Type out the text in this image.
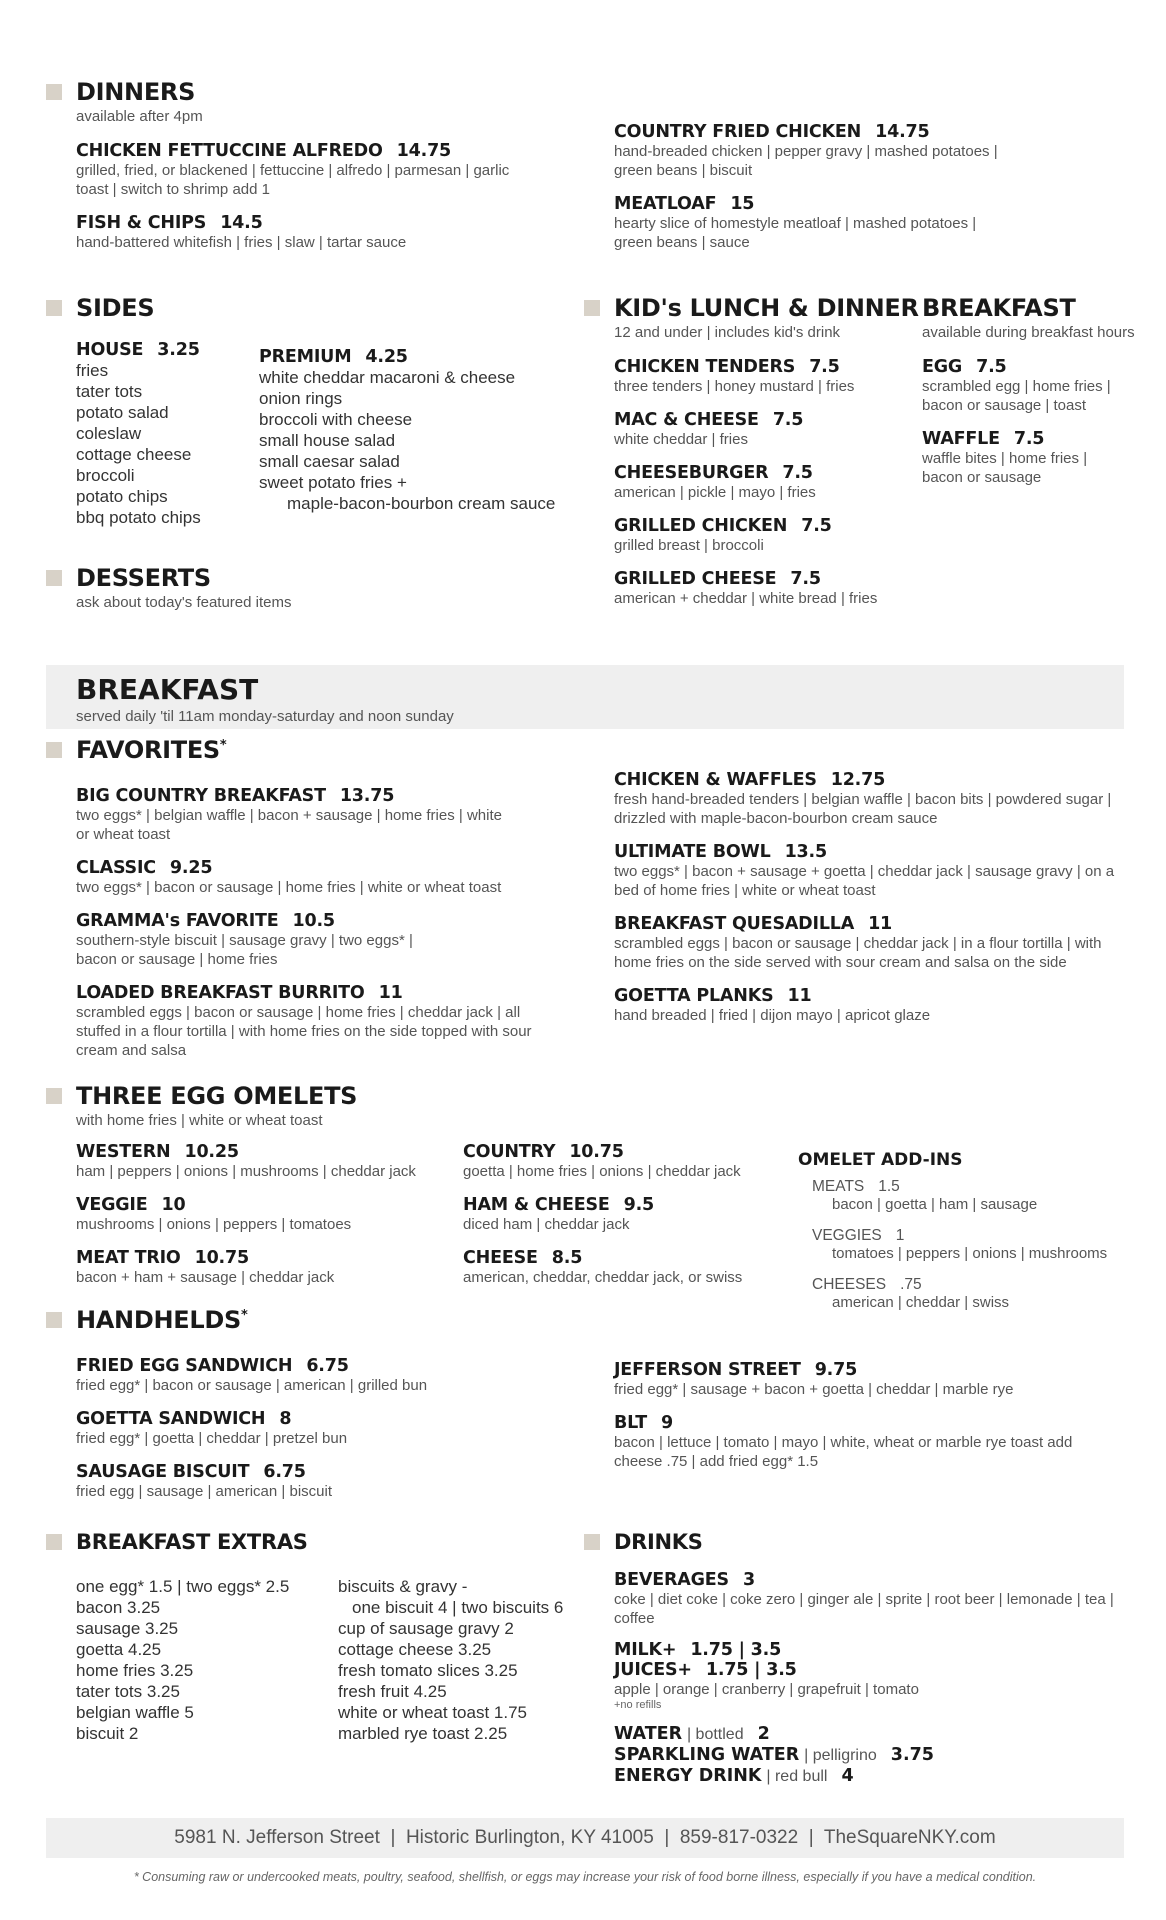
DINNERS
available after 4pm
CHICKEN FETTUCCINE ALFREDO 14.75
grilled, fried, or blackened | fettuccine | alfredo | parmesan | garlic toast | switch to shrimp add 1
FISH & CHIPS 14.5
hand-battered whitefish | fries | slaw | tartar sauce
COUNTRY FRIED CHICKEN 14.75
hand-breaded chicken | pepper gravy | mashed potatoes | green beans | biscuit
MEATLOAF 15
hearty slice of homestyle meatloaf | mashed potatoes | green beans | sauce
SIDES
HOUSE 3.25
fries
tater tots
potato salad
coleslaw
cottage cheese
broccoli
potato chips
bbq potato chips
PREMIUM 4.25
white cheddar macaroni & cheese
onion rings
broccoli with cheese
small house salad
small caesar salad
sweet potato fries +
maple-bacon-bourbon cream sauce
DESSERTS
ask about today's featured items
KID's LUNCH & DINNER
12 and under | includes kid's drink
CHICKEN TENDERS 7.5
three tenders | honey mustard | fries
MAC & CHEESE 7.5
white cheddar | fries
CHEESEBURGER 7.5
american | pickle | mayo | fries
GRILLED CHICKEN 7.5
grilled breast | broccoli
GRILLED CHEESE 7.5
american + cheddar | white bread | fries
BREAKFAST
available during breakfast hours
EGG 7.5
scrambled egg | home fries | bacon or sausage | toast
WAFFLE 7.5
waffle bites | home fries | bacon or sausage
BREAKFAST
served daily 'til 11am monday-saturday and noon sunday
FAVORITES*
BIG COUNTRY BREAKFAST 13.75
two eggs* | belgian waffle | bacon + sausage | home fries | white or wheat toast
CLASSIC 9.25
two eggs* | bacon or sausage | home fries | white or wheat toast
GRAMMA's FAVORITE 10.5
southern-style biscuit | sausage gravy | two eggs* | bacon or sausage | home fries
LOADED BREAKFAST BURRITO 11
scrambled eggs | bacon or sausage | home fries | cheddar jack | all stuffed in a flour tortilla | with home fries on the side topped with sour cream and salsa
CHICKEN & WAFFLES 12.75
fresh hand-breaded tenders | belgian waffle | bacon bits | powdered sugar | drizzled with maple-bacon-bourbon cream sauce
ULTIMATE BOWL 13.5
two eggs* | bacon + sausage + goetta | cheddar jack | sausage gravy | on a bed of home fries | white or wheat toast
BREAKFAST QUESADILLA 11
scrambled eggs | bacon or sausage | cheddar jack | in a flour tortilla | with home fries on the side served with sour cream and salsa on the side
GOETTA PLANKS 11
hand breaded | fried | dijon mayo | apricot glaze
THREE EGG OMELETS
with home fries | white or wheat toast
WESTERN 10.25
ham | peppers | onions | mushrooms | cheddar jack
VEGGIE 10
mushrooms | onions | peppers | tomatoes
MEAT TRIO 10.75
bacon + ham + sausage | cheddar jack
COUNTRY 10.75
goetta | home fries | onions | cheddar jack
HAM & CHEESE 9.5
diced ham | cheddar jack
CHEESE 8.5
american, cheddar, cheddar jack, or swiss
OMELET ADD-INS
MEATS 1.5
bacon | goetta | ham | sausage
VEGGIES 1
tomatoes | peppers | onions | mushrooms
CHEESES .75
american | cheddar | swiss
HANDHELDS*
FRIED EGG SANDWICH 6.75
fried egg* | bacon or sausage | american | grilled bun
GOETTA SANDWICH 8
fried egg* | goetta | cheddar | pretzel bun
SAUSAGE BISCUIT 6.75
fried egg | sausage | american | biscuit
JEFFERSON STREET 9.75
fried egg* | sausage + bacon + goetta | cheddar | marble rye
BLT 9
bacon | lettuce | tomato | mayo | white, wheat or marble rye toast add cheese .75 | add fried egg* 1.5
BREAKFAST EXTRAS
one egg* 1.5 | two eggs* 2.5
bacon 3.25
sausage 3.25
goetta 4.25
home fries 3.25
tater tots 3.25
belgian waffle 5
biscuit 2
biscuits & gravy -
one biscuit 4 | two biscuits 6
cup of sausage gravy 2
cottage cheese 3.25
fresh tomato slices 3.25
fresh fruit 4.25
white or wheat toast 1.75
marbled rye toast 2.25
DRINKS
BEVERAGES 3
coke | diet coke | coke zero | ginger ale | sprite | root beer | lemonade | tea | coffee
MILK+ 1.75 | 3.5
JUICES+ 1.75 | 3.5
apple | orange | cranberry | grapefruit | tomato
+no refills
WATER | bottled 2
SPARKLING WATER | pelligrino 3.75
ENERGY DRINK | red bull 4
5981 N. Jefferson Street  |  Historic Burlington, KY 41005  |  859-817-0322  |  TheSquareNKY.com
* Consuming raw or undercooked meats, poultry, seafood, shellfish, or eggs may increase your risk of food borne illness, especially if you have a medical condition.
